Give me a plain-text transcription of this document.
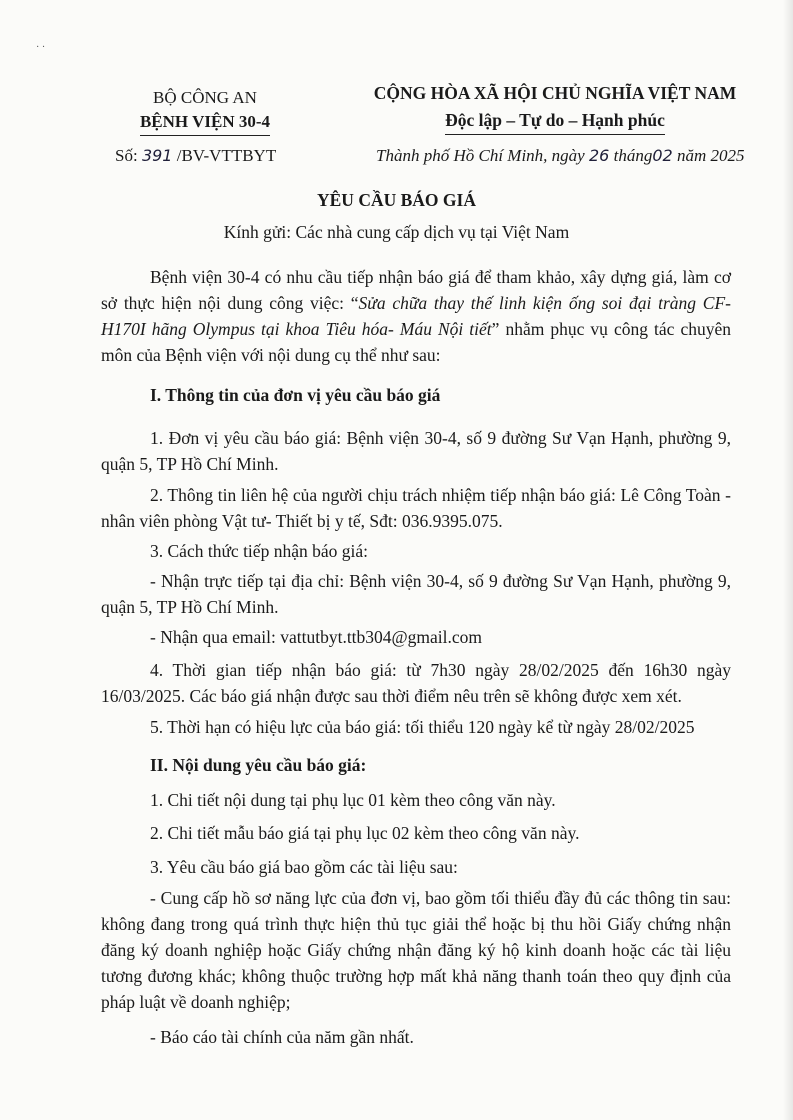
· ·
BỘ CÔNG AN
BỆNH VIỆN 30-4
CỘNG HÒA XÃ HỘI CHỦ NGHĨA VIỆT NAM
Độc lập – Tự do – Hạnh phúc
Số: 391 /BV-VTTBYT	Thành phố Hồ Chí Minh, ngày 26 tháng02 năm 2025
YÊU CẦU BÁO GIÁ
Kính gửi: Các nhà cung cấp dịch vụ tại Việt Nam
Bệnh viện 30-4 có nhu cầu tiếp nhận báo giá để tham khảo, xây dựng giá, làm cơ sở thực hiện nội dung công việc: “Sửa chữa thay thế linh kiện ống soi đại tràng CF-H170I hãng Olympus tại khoa Tiêu hóa- Máu Nội tiết” nhằm phục vụ công tác chuyên môn của Bệnh viện với nội dung cụ thể như sau:
I. Thông tin của đơn vị yêu cầu báo giá
1. Đơn vị yêu cầu báo giá: Bệnh viện 30-4, số 9 đường Sư Vạn Hạnh, phường 9, quận 5, TP Hồ Chí Minh.
2. Thông tin liên hệ của người chịu trách nhiệm tiếp nhận báo giá: Lê Công Toàn - nhân viên phòng Vật tư- Thiết bị y tế, Sđt: 036.9395.075.
3. Cách thức tiếp nhận báo giá:
- Nhận trực tiếp tại địa chỉ: Bệnh viện 30-4, số 9 đường Sư Vạn Hạnh, phường 9, quận 5, TP Hồ Chí Minh.
- Nhận qua email: vattutbyt.ttb304@gmail.com
4. Thời gian tiếp nhận báo giá: từ 7h30 ngày 28/02/2025 đến 16h30 ngày 16/03/2025. Các báo giá nhận được sau thời điểm nêu trên sẽ không được xem xét.
5. Thời hạn có hiệu lực của báo giá: tối thiểu 120 ngày kể từ ngày 28/02/2025
II. Nội dung yêu cầu báo giá:
1. Chi tiết nội dung tại phụ lục 01 kèm theo công văn này.
2. Chi tiết mẫu báo giá tại phụ lục 02 kèm theo công văn này.
3. Yêu cầu báo giá bao gồm các tài liệu sau:
- Cung cấp hồ sơ năng lực của đơn vị, bao gồm tối thiểu đầy đủ các thông tin sau: không đang trong quá trình thực hiện thủ tục giải thể hoặc bị thu hồi Giấy chứng nhận đăng ký doanh nghiệp hoặc Giấy chứng nhận đăng ký hộ kinh doanh hoặc các tài liệu tương đương khác; không thuộc trường hợp mất khả năng thanh toán theo quy định của pháp luật về doanh nghiệp;
- Báo cáo tài chính của năm gần nhất.
